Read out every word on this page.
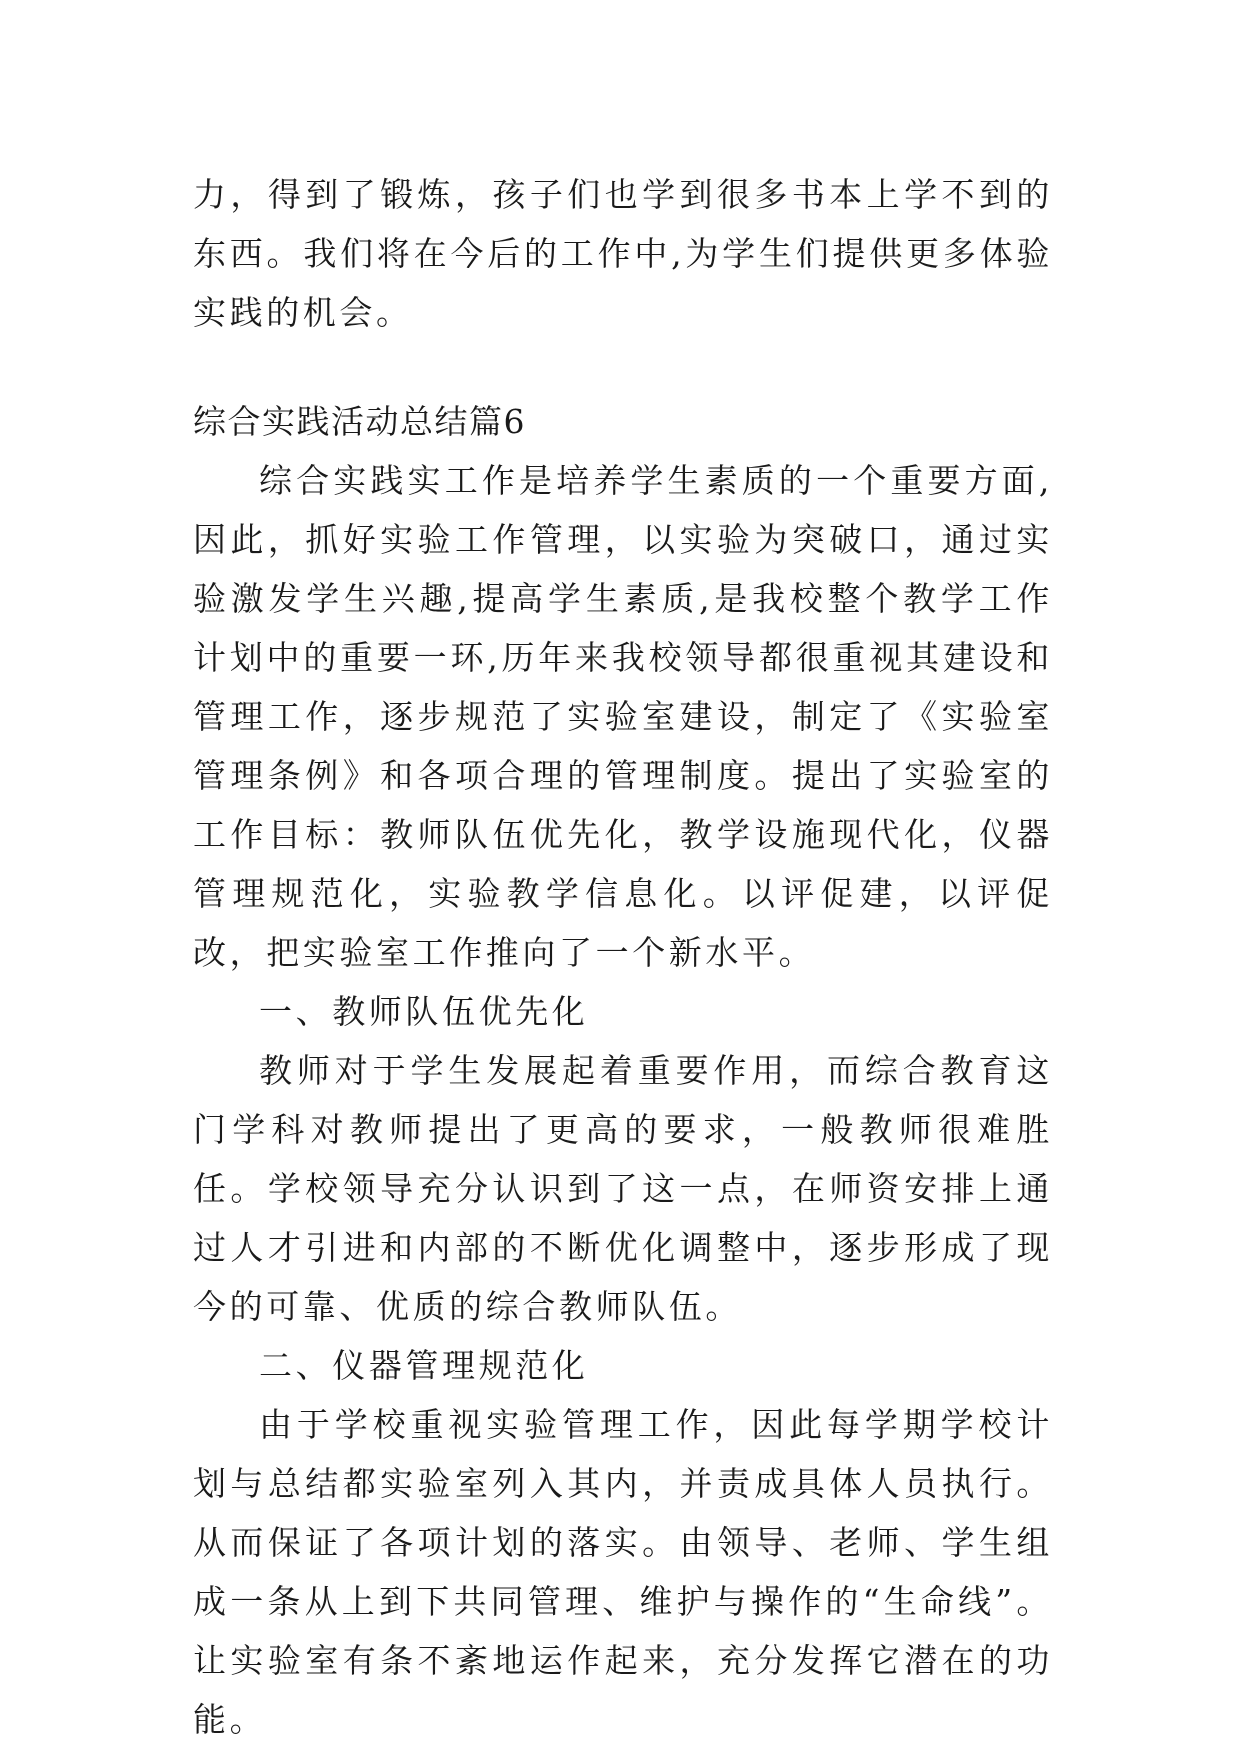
力，得到了锻炼，孩子们也学到很多书本上学不到的东西。我们将在今后的工作中,为学生们提供更多体验实践的机会。

综合实践活动总结篇6

综合实践实工作是培养学生素质的一个重要方面,因此，抓好实验工作管理，以实验为突破口，通过实验激发学生兴趣,提高学生素质,是我校整个教学工作计划中的重要一环,历年来我校领导都很重视其建设和管理工作，逐步规范了实验室建设，制定了《实验室管理条例》和各项合理的管理制度。提出了实验室的工作目标：教师队伍优先化，教学设施现代化，仪器管理规范化，实验教学信息化。以评促建，以评促改，把实验室工作推向了一个新水平。

一、教师队伍优先化

教师对于学生发展起着重要作用，而综合教育这门学科对教师提出了更高的要求，一般教师很难胜任。学校领导充分认识到了这一点，在师资安排上通过人才引进和内部的不断优化调整中，逐步形成了现今的可靠、优质的综合教师队伍。

二、仪器管理规范化

由于学校重视实验管理工作，因此每学期学校计划与总结都实验室列入其内，并责成具体人员执行。从而保证了各项计划的落实。由领导、老师、学生组成一条从上到下共同管理、维护与操作的“生命线”。让实验室有条不紊地运作起来，充分发挥它潜在的功能。
